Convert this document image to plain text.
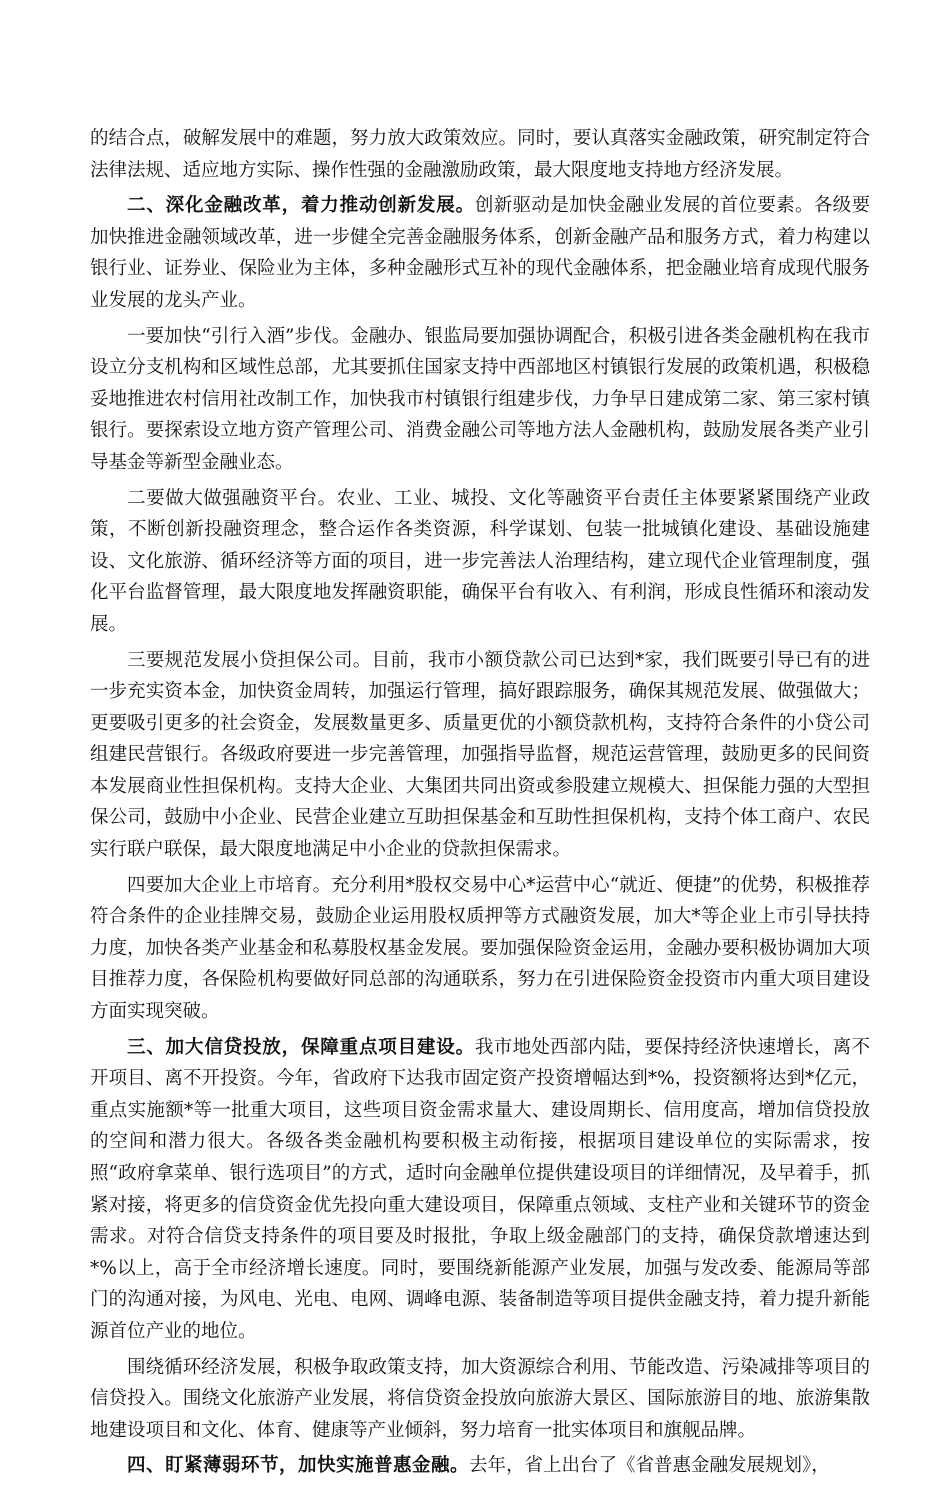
的结合点，破解发展中的难题，努力放大政策效应。同时，要认真落实金融政策，研究制定符合法律法规、适应地方实际、操作性强的金融激励政策，最大限度地支持地方经济发展。

二、深化金融改革，着力推动创新发展。创新驱动是加快金融业发展的首位要素。各级要加快推进金融领域改革，进一步健全完善金融服务体系，创新金融产品和服务方式，着力构建以银行业、证券业、保险业为主体，多种金融形式互补的现代金融体系，把金融业培育成现代服务业发展的龙头产业。

一要加快“引行入酒”步伐。金融办、银监局要加强协调配合，积极引进各类金融机构在我市设立分支机构和区域性总部，尤其要抓住国家支持中西部地区村镇银行发展的政策机遇，积极稳妥地推进农村信用社改制工作，加快我市村镇银行组建步伐，力争早日建成第二家、第三家村镇银行。要探索设立地方资产管理公司、消费金融公司等地方法人金融机构，鼓励发展各类产业引导基金等新型金融业态。

二要做大做强融资平台。农业、工业、城投、文化等融资平台责任主体要紧紧围绕产业政策，不断创新投融资理念，整合运作各类资源，科学谋划、包装一批城镇化建设、基础设施建设、文化旅游、循环经济等方面的项目，进一步完善法人治理结构，建立现代企业管理制度，强化平台监督管理，最大限度地发挥融资职能，确保平台有收入、有利润，形成良性循环和滚动发展。

三要规范发展小贷担保公司。目前，我市小额贷款公司已达到*家，我们既要引导已有的进一步充实资本金，加快资金周转，加强运行管理，搞好跟踪服务，确保其规范发展、做强做大；更要吸引更多的社会资金，发展数量更多、质量更优的小额贷款机构，支持符合条件的小贷公司组建民营银行。各级政府要进一步完善管理，加强指导监督，规范运营管理，鼓励更多的民间资本发展商业性担保机构。支持大企业、大集团共同出资或参股建立规模大、担保能力强的大型担保公司，鼓励中小企业、民营企业建立互助担保基金和互助性担保机构，支持个体工商户、农民实行联户联保，最大限度地满足中小企业的贷款担保需求。

四要加大企业上市培育。充分利用*股权交易中心*运营中心“就近、便捷”的优势，积极推荐符合条件的企业挂牌交易，鼓励企业运用股权质押等方式融资发展，加大*等企业上市引导扶持力度，加快各类产业基金和私募股权基金发展。要加强保险资金运用，金融办要积极协调加大项目推荐力度，各保险机构要做好同总部的沟通联系，努力在引进保险资金投资市内重大项目建设方面实现突破。

三、加大信贷投放，保障重点项目建设。我市地处西部内陆，要保持经济快速增长，离不开项目、离不开投资。今年，省政府下达我市固定资产投资增幅达到*%，投资额将达到*亿元，重点实施额*等一批重大项目，这些项目资金需求量大、建设周期长、信用度高，增加信贷投放的空间和潜力很大。各级各类金融机构要积极主动衔接，根据项目建设单位的实际需求，按照“政府拿菜单、银行选项目”的方式，适时向金融单位提供建设项目的详细情况，及早着手，抓紧对接，将更多的信贷资金优先投向重大建设项目，保障重点领域、支柱产业和关键环节的资金需求。对符合信贷支持条件的项目要及时报批，争取上级金融部门的支持，确保贷款增速达到*%以上，高于全市经济增长速度。同时，要围绕新能源产业发展，加强与发改委、能源局等部门的沟通对接，为风电、光电、电网、调峰电源、装备制造等项目提供金融支持，着力提升新能源首位产业的地位。

围绕循环经济发展，积极争取政策支持，加大资源综合利用、节能改造、污染减排等项目的信贷投入。围绕文化旅游产业发展，将信贷资金投放向旅游大景区、国际旅游目的地、旅游集散地建设项目和文化、体育、健康等产业倾斜，努力培育一批实体项目和旗舰品牌。

四、盯紧薄弱环节，加快实施普惠金融。去年，省上出台了《省普惠金融发展规划》，
